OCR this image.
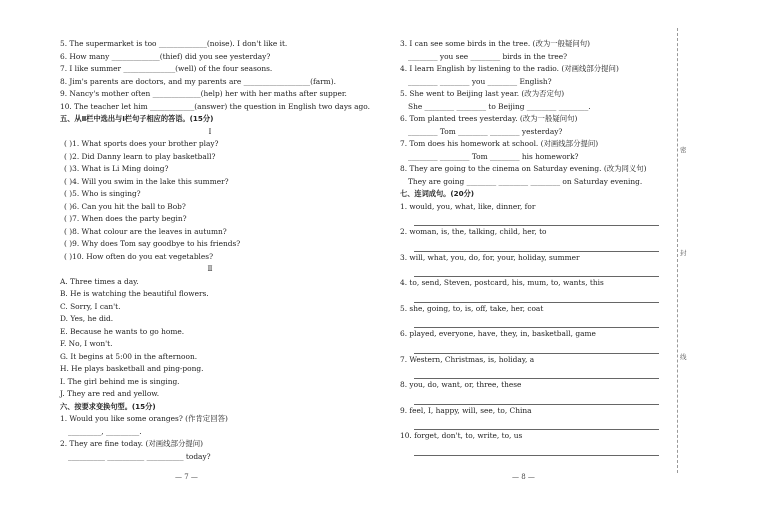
5. The supermarket is too _____________(noise). I don't like it.
6. How many _____________(thief) did you see yesterday?
7. I like summer ______________(well) of the four seasons.
8. Jim's parents are doctors, and my parents are __________________(farm).
9. Nancy's mother often _____________(help) her with her maths after supper.
10. The teacher let him ____________(answer) the question in English two days ago.
五、从Ⅱ栏中选出与Ⅰ栏句子相应的答语。(15分)
Ⅰ
( )1. What sports does your brother play?
( )2. Did Danny learn to play basketball?
( )3. What is Li Ming doing?
( )4. Will you swim in the lake this summer?
( )5. Who is singing?
( )6. Can you hit the ball to Bob?
( )7. When does the party begin?
( )8. What colour are the leaves in autumn?
( )9. Why does Tom say goodbye to his friends?
( )10. How often do you eat vegetables?
Ⅱ
A. Three times a day.
B. He is watching the beautiful flowers.
C. Sorry, I can't.
D. Yes, he did.
E. Because he wants to go home.
F. No, I won't.
G. It begins at 5:00 in the afternoon.
H. He plays basketball and ping-pong.
I. The girl behind me is singing.
J. They are red and yellow.
六、按要求变换句型。(15分)
1. Would you like some oranges? (作肯定回答)
_________, _________.
2. They are fine today. (对画线部分提问)
__________ __________ __________ today?
3. I can see some birds in the tree. (改为一般疑问句)
________ you see ________ birds in the tree?
4. I learn English by listening to the radio. (对画线部分提问)
________ ________ you ________ English?
5. She went to Beijing last year. (改为否定句)
She ________ ________ to Beijing ________ ________.
6. Tom planted trees yesterday. (改为一般疑问句)
________ Tom ________ ________ yesterday?
7. Tom does his homework at school. (对画线部分提问)
________ ________ Tom ________ his homework?
8. They are going to the cinema on Saturday evening. (改为同义句)
They are going ________ ________ ________ on Saturday evening.
七、连词成句。(20分)
1. would, you, what, like, dinner, for
2. woman, is, the, talking, child, her, to
3. will, what, you, do, for, your, holiday, summer
4. to, send, Steven, postcard, his, mum, to, wants, this
5. she, going, to, is, off, take, her, coat
6. played, everyone, have, they, in, basketball, game
7. Western, Christmas, is, holiday, a
8. you, do, want, or, three, these
9. feel, I, happy, will, see, to, China
10. forget, don't, to, write, to, us
— 7 —	— 8 —
密
封
线
